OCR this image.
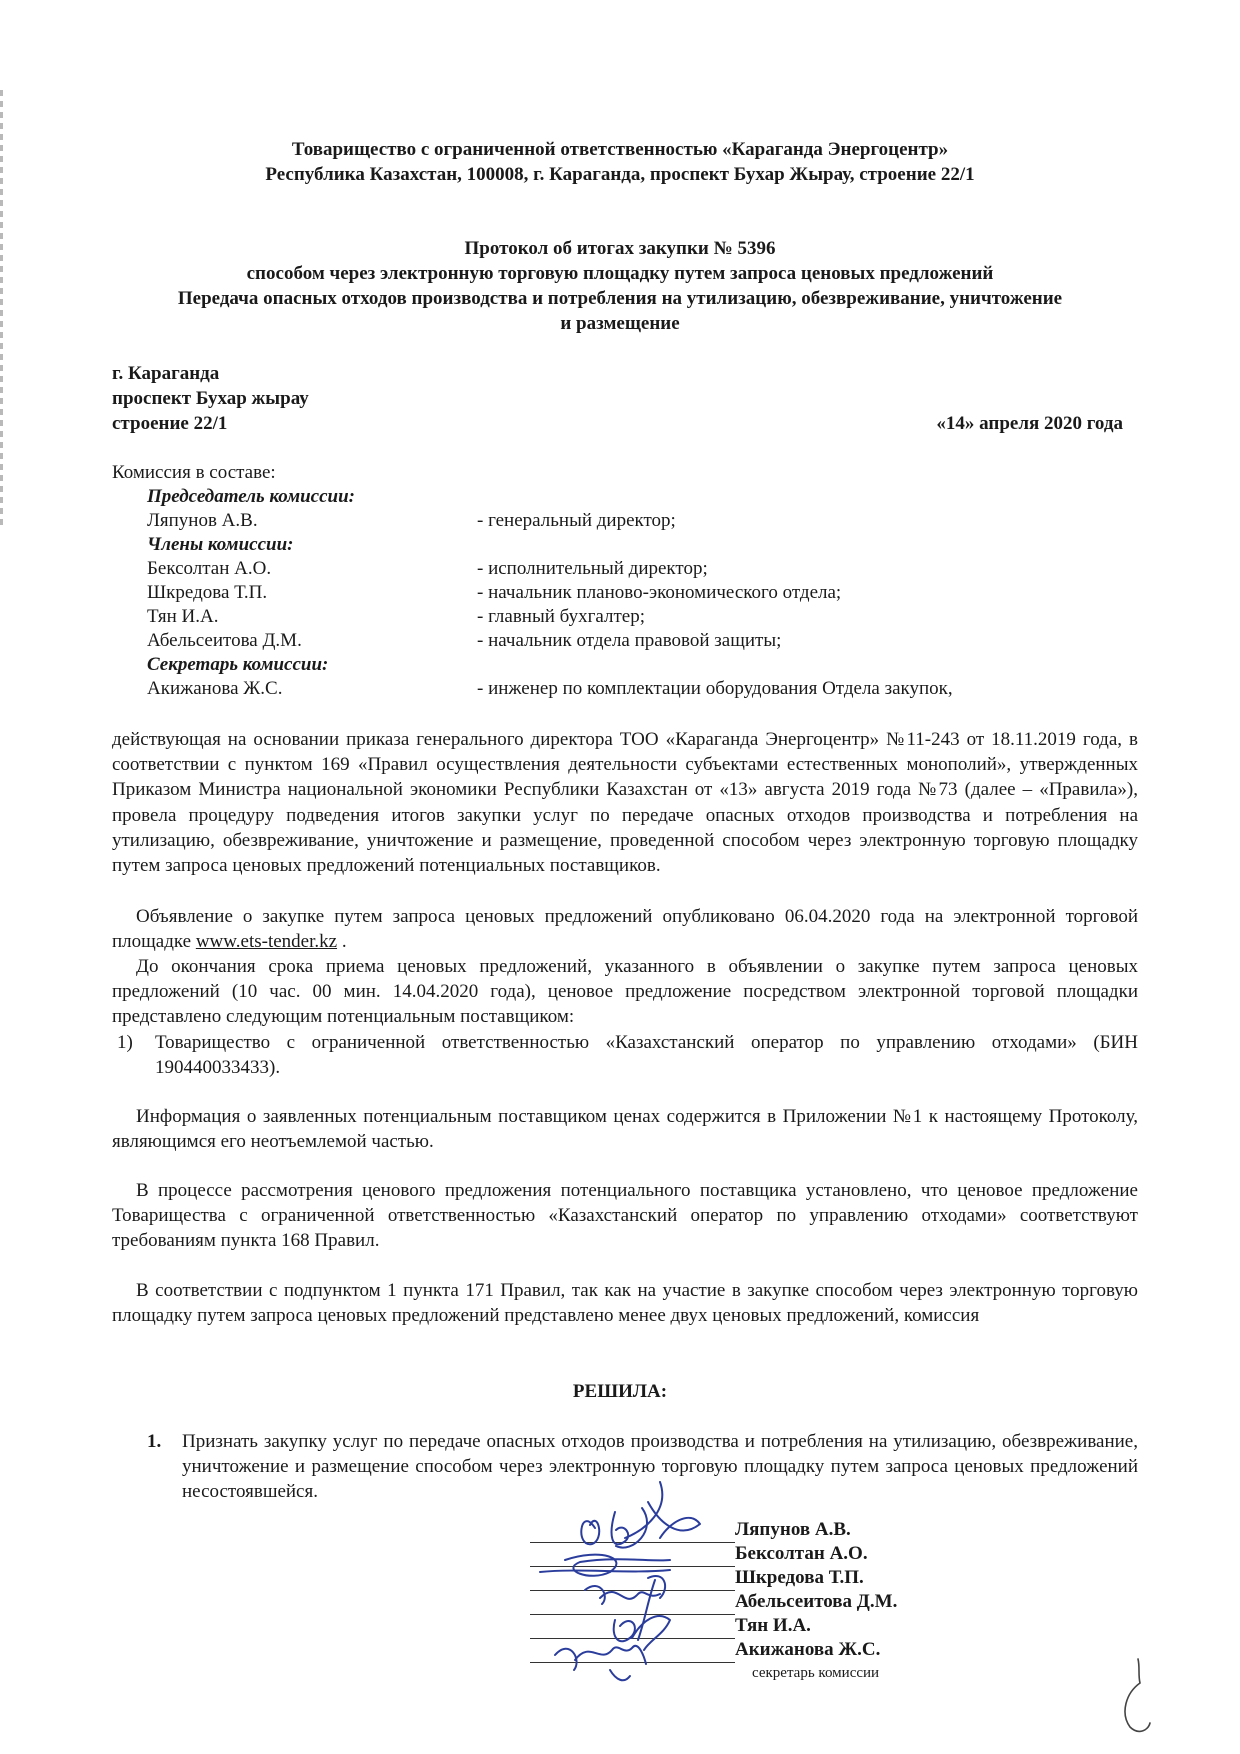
Товарищество с ограниченной ответственностью «Караганда Энергоцентр»

Республика Казахстан, 100008, г. Караганда, проспект Бухар Жырау, строение 22/1

Протокол об итогах закупки № 5396

способом через электронную торговую площадку путем запроса ценовых предложений

Передача опасных отходов производства и потребления на утилизацию, обезвреживание, уничтожение

и размещение

г. Караганда
проспект Бухар жырау
строение 22/1	«14» апреля 2020 года
Комиссия в составе:
Председатель комиссии:
Ляпунов А.В.	- генеральный директор;
Члены комиссии:
Бексолтан А.О.	- исполнительный директор;
Шкредова Т.П.	- начальник планово-экономического отдела;
Тян И.А.	- главный бухгалтер;
Абельсеитова Д.М.	- начальник отдела правовой защиты;
Секретарь комиссии:
Акижанова Ж.С.	- инженер по комплектации оборудования Отдела закупок,

действующая на основании приказа генерального директора ТОО «Караганда Энергоцентр» №11-243 от 18.11.2019 года, в соответствии с пунктом 169 «Правил осуществления деятельности субъектами естественных монополий», утвержденных Приказом Министра национальной экономики Республики Казахстан от «13» августа 2019 года №73 (далее – «Правила»), провела процедуру подведения итогов закупки услуг по передаче опасных отходов производства и потребления на утилизацию, обезвреживание, уничтожение и размещение, проведенной способом через электронную торговую площадку путем запроса ценовых предложений потенциальных поставщиков.

Объявление о закупке путем запроса ценовых предложений опубликовано 06.04.2020 года на электронной торговой площадке www.ets-tender.kz .

До окончания срока приема ценовых предложений, указанного в объявлении о закупке путем запроса ценовых предложений (10 час. 00 мин. 14.04.2020 года), ценовое предложение посредством электронной торговой площадки представлено следующим потенциальным поставщиком:

1) Товарищество с ограниченной ответственностью «Казахстанский оператор по управлению отходами» (БИН 190440033433).

Информация о заявленных потенциальным поставщиком ценах содержится в Приложении №1 к настоящему Протоколу, являющимся его неотъемлемой частью.

В процессе рассмотрения ценового предложения потенциального поставщика установлено, что ценовое предложение Товарищества с ограниченной ответственностью «Казахстанский оператор по управлению отходами» соответствуют требованиям пункта 168 Правил.

В соответствии с подпунктом 1 пункта 171 Правил, так как на участие в закупке способом через электронную торговую площадку путем запроса ценовых предложений представлено менее двух ценовых предложений, комиссия

РЕШИЛА:
1. Признать закупку услуг по передаче опасных отходов производства и потребления на утилизацию, обезвреживание, уничтожение и размещение способом через электронную торговую площадку путем запроса ценовых предложений несостоявшейся.

Ляпунов А.В.
Бексолтан А.О.
Шкредова Т.П.
Абельсеитова Д.М.
Тян И.А.
Акижанова Ж.С.
секретарь комиссии
